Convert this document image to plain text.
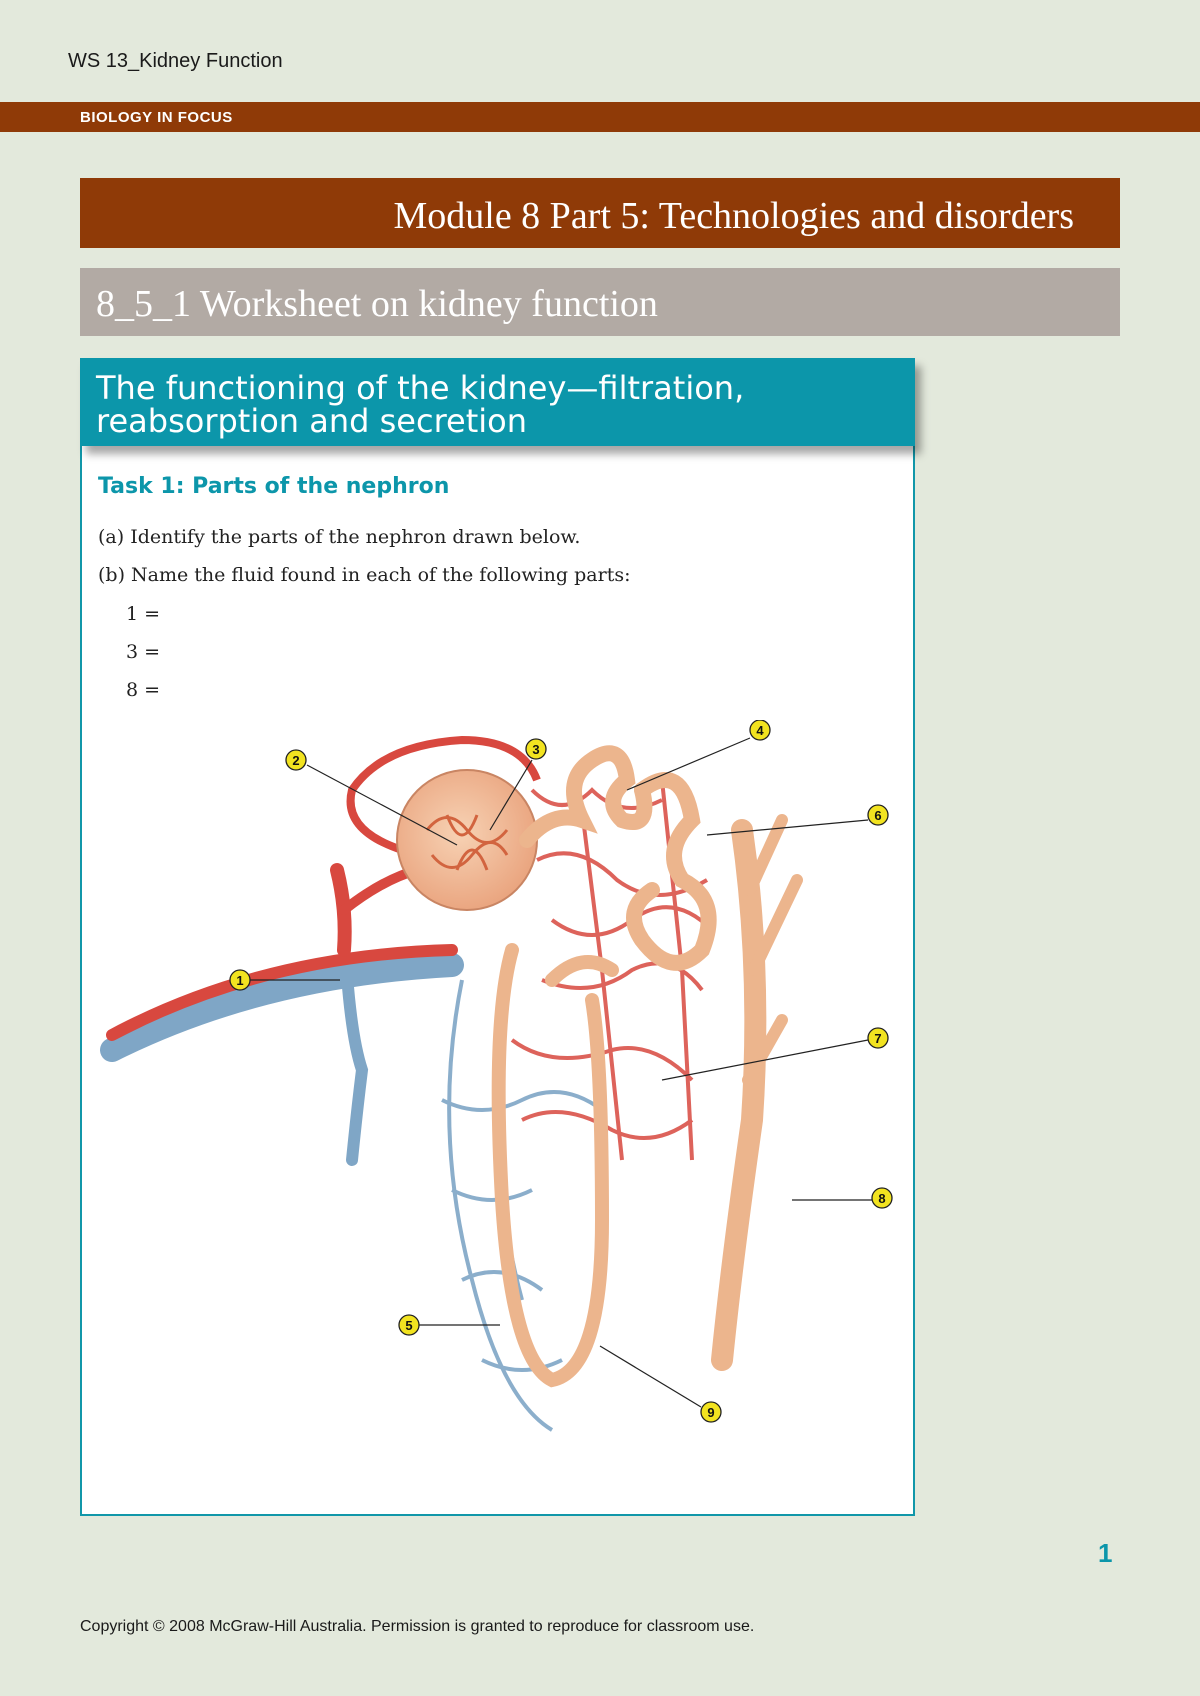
WS 13_Kidney Function
BIOLOGY IN FOCUS
Module 8 Part 5: Technologies and disorders
8_5_1 Worksheet on kidney function
The functioning of the kidney—filtration, reabsorption and secretion
Task 1: Parts of the nephron
(a) Identify the parts of the nephron drawn below.
(b) Name the fluid found in each of the following parts:
1 =
3 =
8 =
1
2
3
4
5
6
7
8
9
1
Copyright © 2008 McGraw-Hill Australia. Permission is granted to reproduce for classroom use.
